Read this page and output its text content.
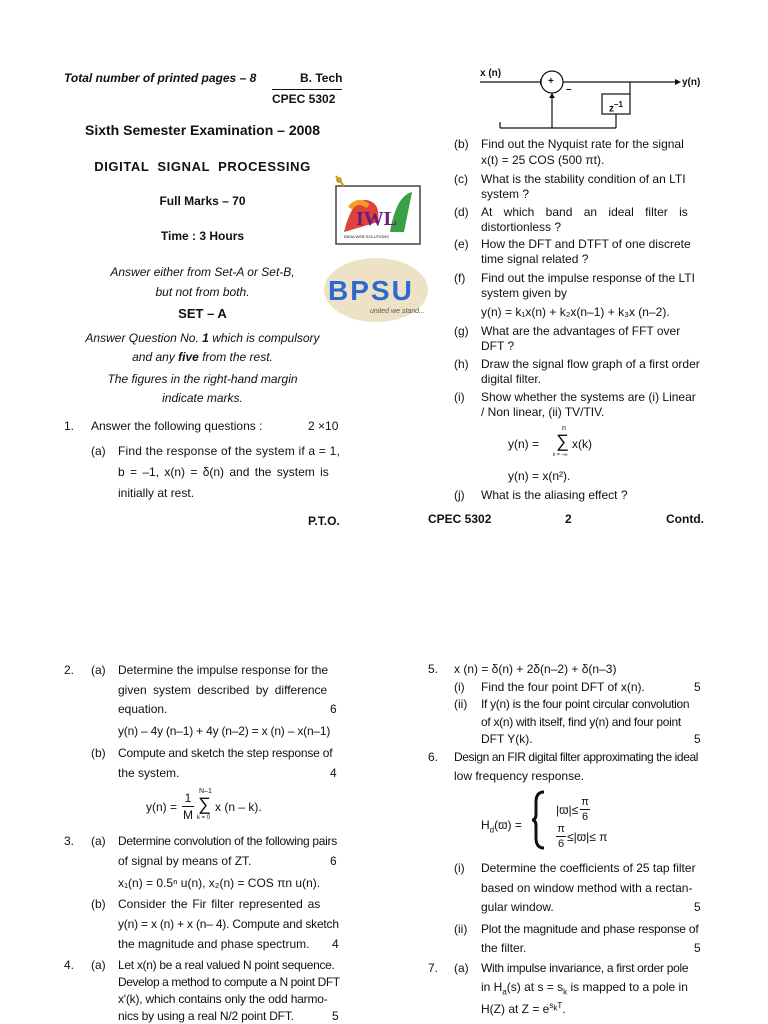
Total number of printed pages – 8	B. Tech
CPEC 5302
Sixth Semester Examination – 2008
DIGITAL SIGNAL PROCESSING
Full Marks – 70
Time : 3 Hours
Answer either from Set-A or Set-B,
but not from both.
SET – A
Answer Question No. 1 which is compulsory
and any five from the rest.
The figures in the right-hand margin
indicate marks.
IWL
INDIA WEB SOLUTIONS
BPSU
united we stand...
1. Answer the following questions :	2 ×10
(a) Find the response of the system if a = 1,
b = –1, x(n) = δ(n) and the system is
initially at rest.
P.T.O.
x (n)
y(n)
+
–
$z^{-1}$
(b) Find out the Nyquist rate for the signal
x(t) = 25 COS (500 πt).
(c) What is the stability condition of an LTI
system ?
(d) At which band an ideal filter is
distortionless ?
(e) How the DFT and DTFT of one discrete
time signal related ?
(f) Find out the impulse response of the LTI
system given by
y(n) = k₁x(n) + k₂x(n–1) + k₃x (n–2).
(g) What are the advantages of FFT over
DFT ?
(h) Draw the signal flow graph of a first order
digital filter.
(i) Show whether the systems are (i) Linear
/ Non linear, (ii) TV/TIV.
y(n) =
n
∑
k = –∞
x(k)
y(n) = x(n²).
(j) What is the aliasing effect ?
CPEC 5302	2	Contd.
2. (a) Determine the impulse response for the
given system described by difference
equation.	6
y(n) – 4y (n–1) + 4y (n–2) = x (n) – x(n–1)
(b) Compute and sketch the step response of
the system.	4
y(n) =
1
M
N–1
∑
k = 0
x (n – k).
3. (a) Determine convolution of the following pairs
of signal by means of ZT.	6
x₁(n) = 0.5ⁿ u(n), x₂(n) = COS πn u(n).
(b) Consider the Fir filter represented as
y(n) = x (n) + x (n– 4). Compute and sketch
the magnitude and phase spectrum. 4
4. (a) Let x(n) be a real valued N point sequence.
Develop a method to compute a N point DFT
x'(k), which contains only the odd harmo-
nics by using a real N/2 point DFT.	5
5. x (n) = δ(n) + 2δ(n–2) + δ(n–3)
(i) Find the four point DFT of x(n).	5
(ii) If y(n) is the four point circular convolution
of x(n) with itself, find y(n) and four point
DFT Y(k).	5
6. Design an FIR digital filter approximating the ideal
low frequency response.
$H_d(ϖ)$ =
|ϖ|≤
π
6
π
6 ≤|ϖ|≤ π
(i) Determine the coefficients of 25 tap filter
based on window method with a rectan-
gular window.	5
(ii) Plot the magnitude and phase response of
the filter.	5
7. (a) With impulse invariance, a first order pole
in $H_a(s)$ at $s = s_k$ is mapped to a pole in
H(Z) at $Z = e^{s_kT}$.
